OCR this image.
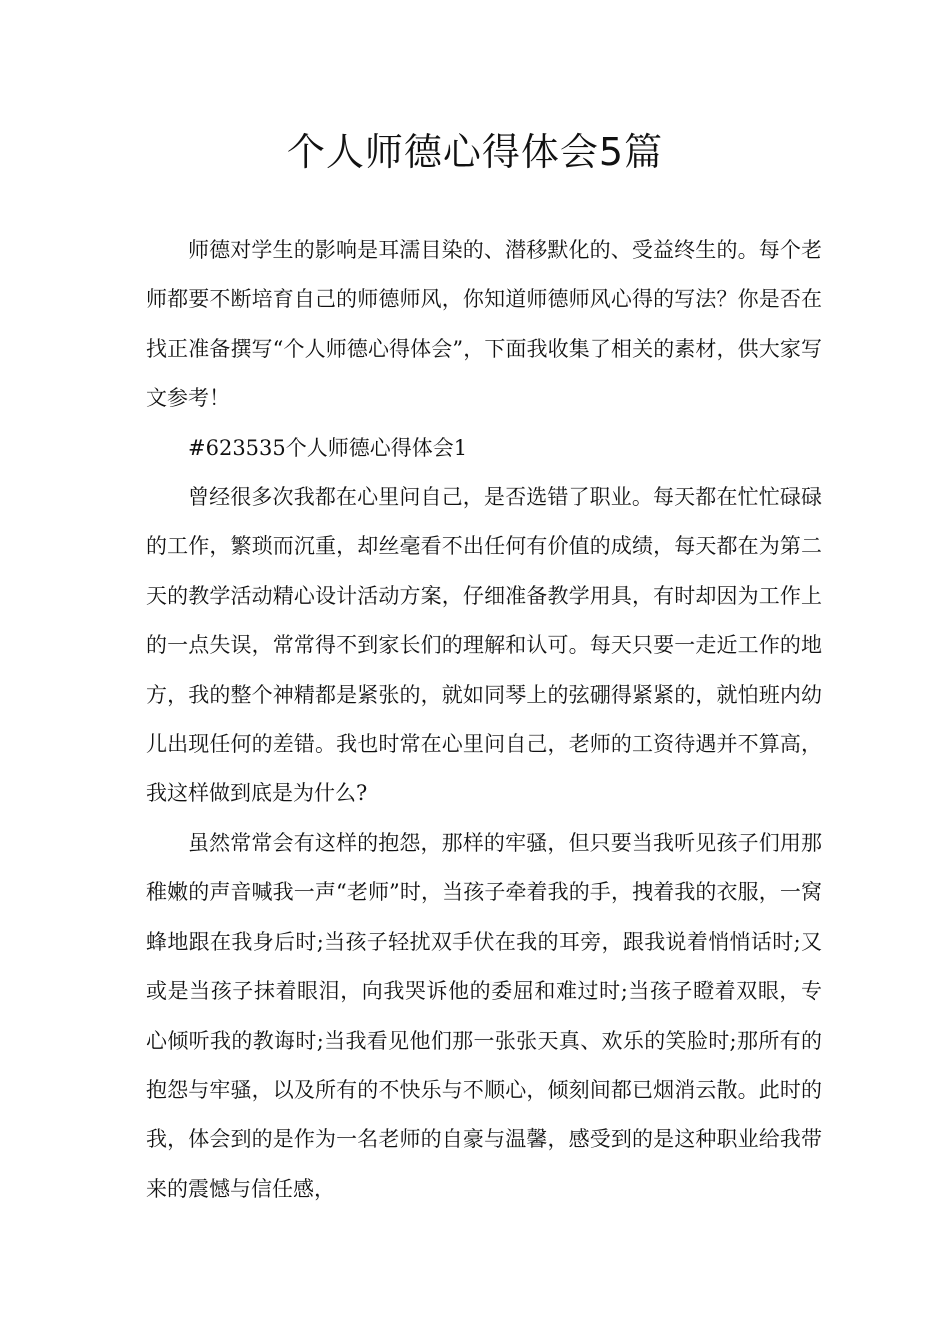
个人师德心得体会5篇

师德对学生的影响是耳濡目染的、潜移默化的、受益终生的。每个老师都要不断培育自己的师德师风，你知道师德师风心得的写法？你是否在找正准备撰写“个人师德心得体会”，下面我收集了相关的素材，供大家写文参考！

#623535个人师德心得体会1

曾经很多次我都在心里问自己，是否选错了职业。每天都在忙忙碌碌的工作，繁琐而沉重，却丝毫看不出任何有价值的成绩，每天都在为第二天的教学活动精心设计活动方案，仔细准备教学用具，有时却因为工作上的一点失误，常常得不到家长们的理解和认可。每天只要一走近工作的地方，我的整个神精都是紧张的，就如同琴上的弦硼得紧紧的，就怕班内幼儿出现任何的差错。我也时常在心里问自己，老师的工资待遇并不算高，我这样做到底是为什么?

虽然常常会有这样的抱怨，那样的牢骚，但只要当我听见孩子们用那稚嫩的声音喊我一声“老师”时，当孩子牵着我的手，拽着我的衣服，一窝蜂地跟在我身后时;当孩子轻扰双手伏在我的耳旁，跟我说着悄悄话时;又或是当孩子抹着眼泪，向我哭诉他的委屈和难过时;当孩子瞪着双眼，专心倾听我的教诲时;当我看见他们那一张张天真、欢乐的笑脸时;那所有的抱怨与牢骚，以及所有的不快乐与不顺心，倾刻间都已烟消云散。此时的我，体会到的是作为一名老师的自豪与温馨，感受到的是这种职业给我带来的震憾与信任感，
